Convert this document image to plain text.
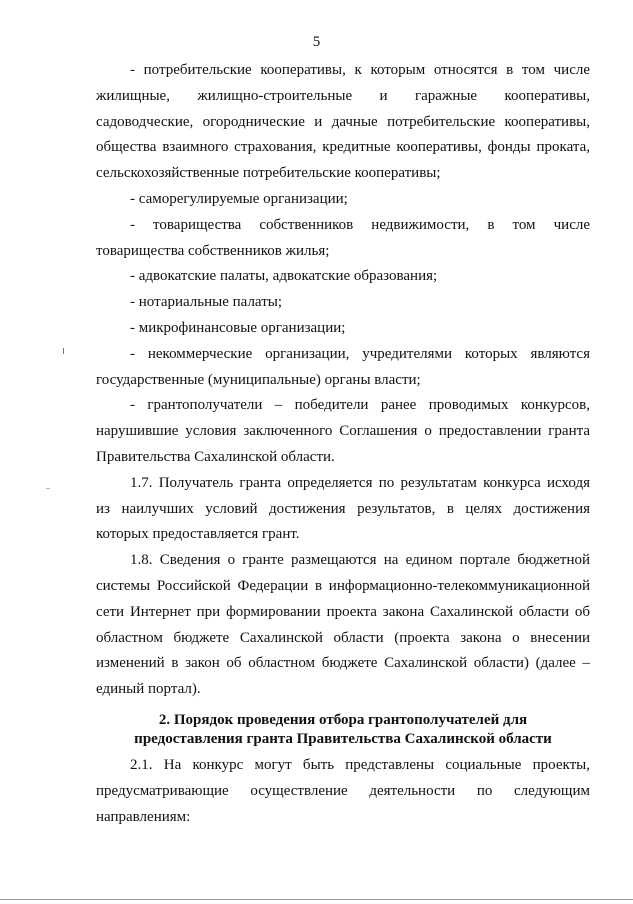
5

- потребительские кооперативы, к которым относятся в том числе жилищные, жилищно-строительные и гаражные кооперативы, садоводческие, огороднические и дачные потребительские кооперативы, общества взаимного страхования, кредитные кооперативы, фонды проката, сельскохозяйственные потребительские кооперативы;

- саморегулируемые организации;

- товарищества собственников недвижимости, в том числе товарищества собственников жилья;

- адвокатские палаты, адвокатские образования;

- нотариальные палаты;

- микрофинансовые организации;

- некоммерческие организации, учредителями которых являются государственные (муниципальные) органы власти;

- грантополучатели – победители ранее проводимых конкурсов, нарушившие условия заключенного Соглашения о предоставлении гранта Правительства Сахалинской области.

1.7. Получатель гранта определяется по результатам конкурса исходя из наилучших условий достижения результатов, в целях достижения которых предоставляется грант.

1.8. Сведения о гранте размещаются на едином портале бюджетной системы Российской Федерации в информационно-телекоммуникационной сети Интернет при формировании проекта закона Сахалинской области об областном бюджете Сахалинской области (проекта закона о внесении изменений в закон об областном бюджете Сахалинской области) (далее – единый портал).

2. Порядок проведения отбора грантополучателей для
предоставления гранта Правительства Сахалинской области

2.1. На конкурс могут быть представлены социальные проекты, предусматривающие осуществление деятельности по следующим направлениям:
